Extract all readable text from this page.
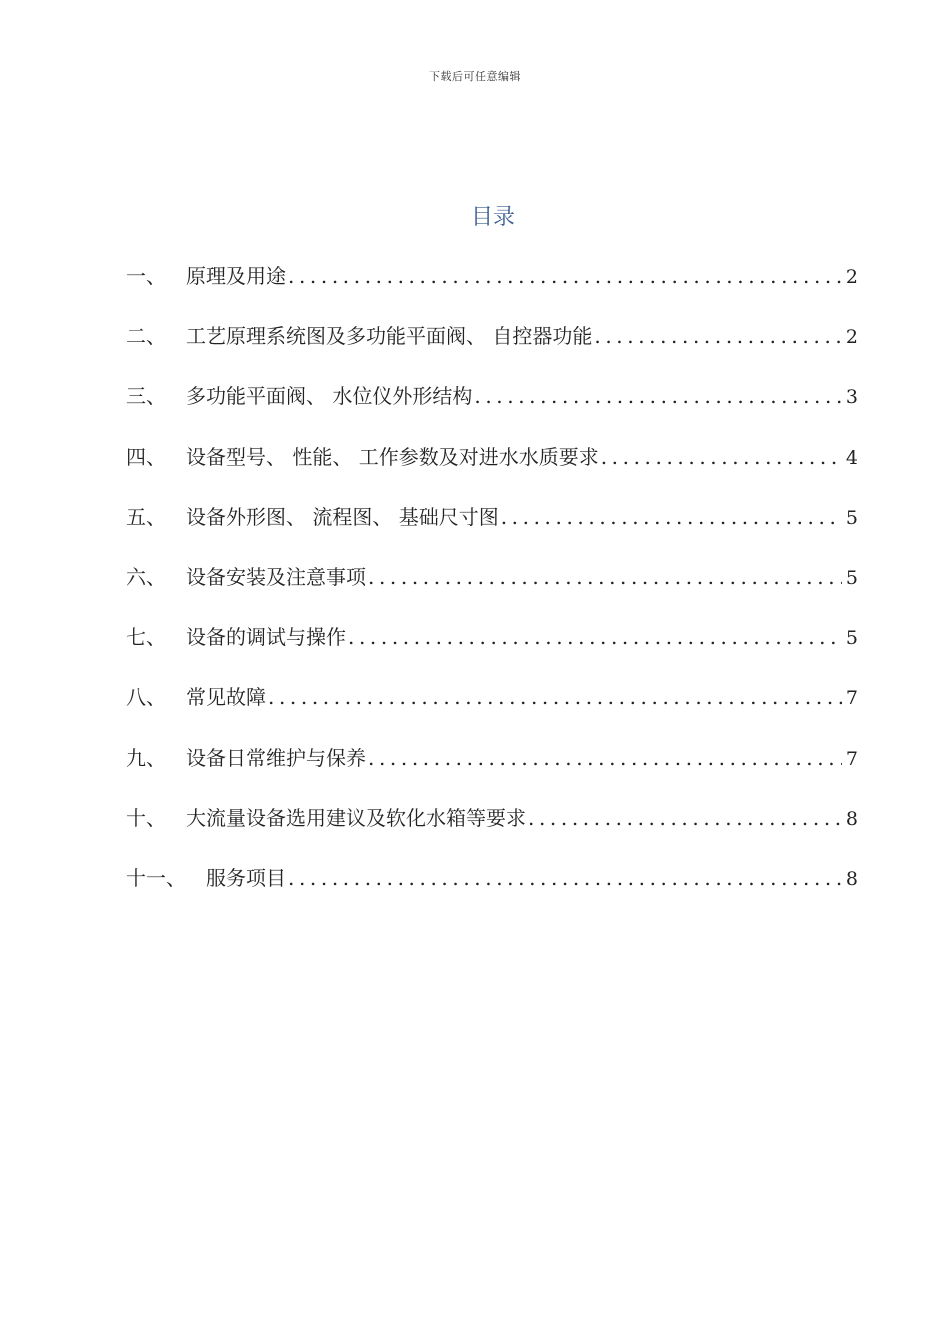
下载后可任意编辑
目录
一、 原理及用途 .....	2
二、 工艺原理系统图及多功能平面阀、 自控器功能 .....	2
三、 多功能平面阀、 水位仪外形结构 .....	3
四、 设备型号、 性能、 工作参数及对进水水质要求 .....	4
五、 设备外形图、 流程图、 基础尺寸图 .....	5
六、 设备安装及注意事项 .....	5
七、 设备的调试与操作 .....	5
八、 常见故障 .....	7
九、 设备日常维护与保养 .....	7
十、 大流量设备选用建议及软化水箱等要求 .....	8
十一、 服务项目 .....	8
